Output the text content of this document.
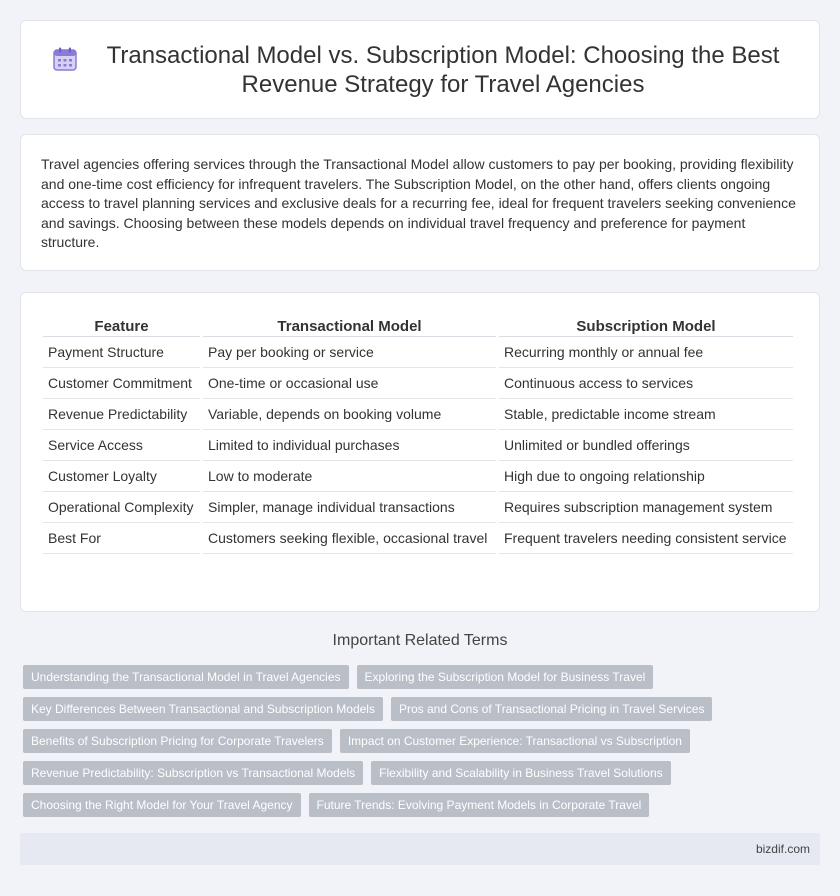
Transactional Model vs. Subscription Model: Choosing the Best Revenue Strategy for Travel Agencies

Travel agencies offering services through the Transactional Model allow customers to pay per booking, providing flexibility and one-time cost efficiency for infrequent travelers. The Subscription Model, on the other hand, offers clients ongoing access to travel planning services and exclusive deals for a recurring fee, ideal for frequent travelers seeking convenience and savings. Choosing between these models depends on individual travel frequency and preference for payment structure.

Feature	Transactional Model	Subscription Model
Payment Structure	Pay per booking or service	Recurring monthly or annual fee
Customer Commitment	One-time or occasional use	Continuous access to services
Revenue Predictability	Variable, depends on booking volume	Stable, predictable income stream
Service Access	Limited to individual purchases	Unlimited or bundled offerings
Customer Loyalty	Low to moderate	High due to ongoing relationship
Operational Complexity	Simpler, manage individual transactions	Requires subscription management system
Best For	Customers seeking flexible, occasional travel	Frequent travelers needing consistent service
Important Related Terms
Understanding the Transactional Model in Travel Agencies	Exploring the Subscription Model for Business Travel
Key Differences Between Transactional and Subscription Models	Pros and Cons of Transactional Pricing in Travel Services
Benefits of Subscription Pricing for Corporate Travelers	Impact on Customer Experience: Transactional vs Subscription
Revenue Predictability: Subscription vs Transactional Models	Flexibility and Scalability in Business Travel Solutions
Choosing the Right Model for Your Travel Agency	Future Trends: Evolving Payment Models in Corporate Travel
bizdif.com
